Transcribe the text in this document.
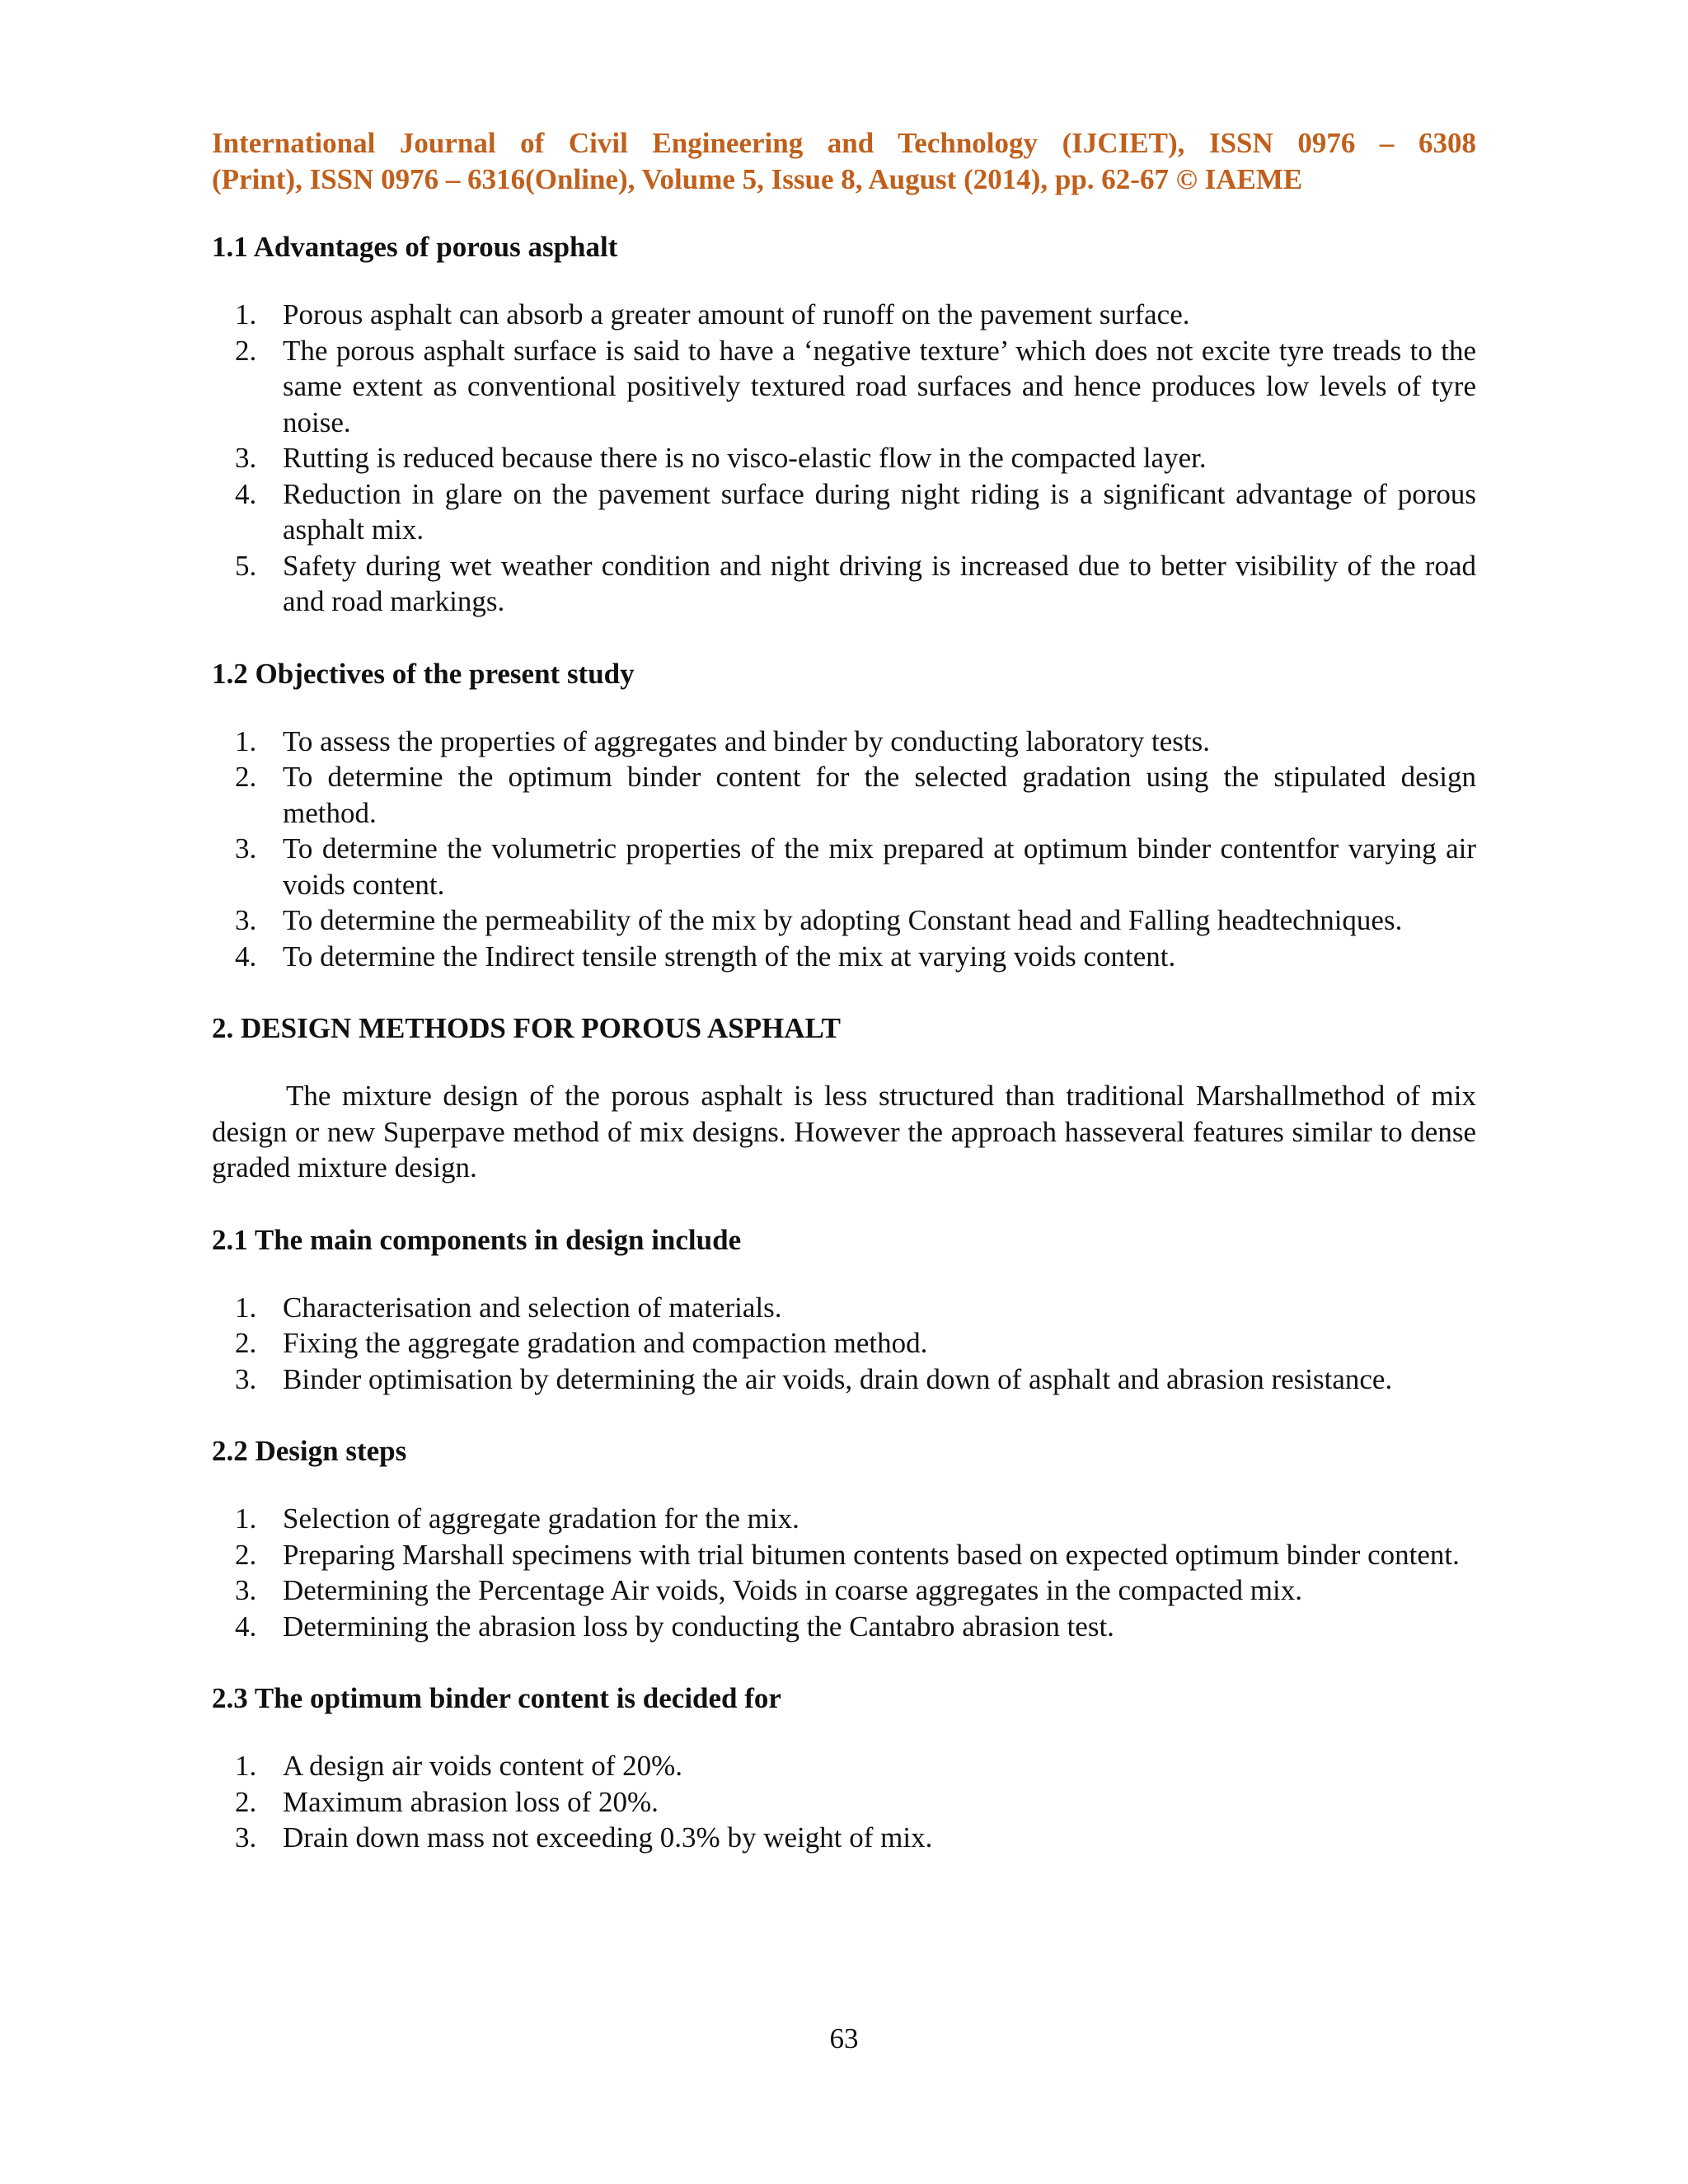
International Journal of Civil Engineering and Technology (IJCIET), ISSN 0976 – 6308
(Print), ISSN 0976 – 6316(Online), Volume 5, Issue 8, August (2014), pp. 62-67 © IAEME
1.1 Advantages of porous asphalt
1. Porous asphalt can absorb a greater amount of runoff on the pavement surface.
2. The porous asphalt surface is said to have a ‘negative texture’ which does not excite tyre treads to the same extent as conventional positively textured road surfaces and hence produces low levels of tyre noise.
3. Rutting is reduced because there is no visco-elastic flow in the compacted layer.
4. Reduction in glare on the pavement surface during night riding is a significant advantage of porous asphalt mix.
5. Safety during wet weather condition and night driving is increased due to better visibility of the road and road markings.
1.2 Objectives of the present study
1. To assess the properties of aggregates and binder by conducting laboratory tests.
2. To determine the optimum binder content for the selected gradation using the stipulated design method.
3. To determine the volumetric properties of the mix prepared at optimum binder contentfor varying air voids content.
3. To determine the permeability of the mix by adopting Constant head and Falling headtechniques.
4. To determine the Indirect tensile strength of the mix at varying voids content.
2. DESIGN METHODS FOR POROUS ASPHALT

The mixture design of the porous asphalt is less structured than traditional Marshallmethod of mix design or new Superpave method of mix designs. However the approach hasseveral features similar to dense graded mixture design.

2.1 The main components in design include
1. Characterisation and selection of materials.
2. Fixing the aggregate gradation and compaction method.
3. Binder optimisation by determining the air voids, drain down of asphalt and abrasion resistance.
2.2 Design steps
1. Selection of aggregate gradation for the mix.
2. Preparing Marshall specimens with trial bitumen contents based on expected optimum binder content.
3. Determining the Percentage Air voids, Voids in coarse aggregates in the compacted mix.
4. Determining the abrasion loss by conducting the Cantabro abrasion test.
2.3 The optimum binder content is decided for
1. A design air voids content of 20%.
2. Maximum abrasion loss of 20%.
3. Drain down mass not exceeding 0.3% by weight of mix.
63
